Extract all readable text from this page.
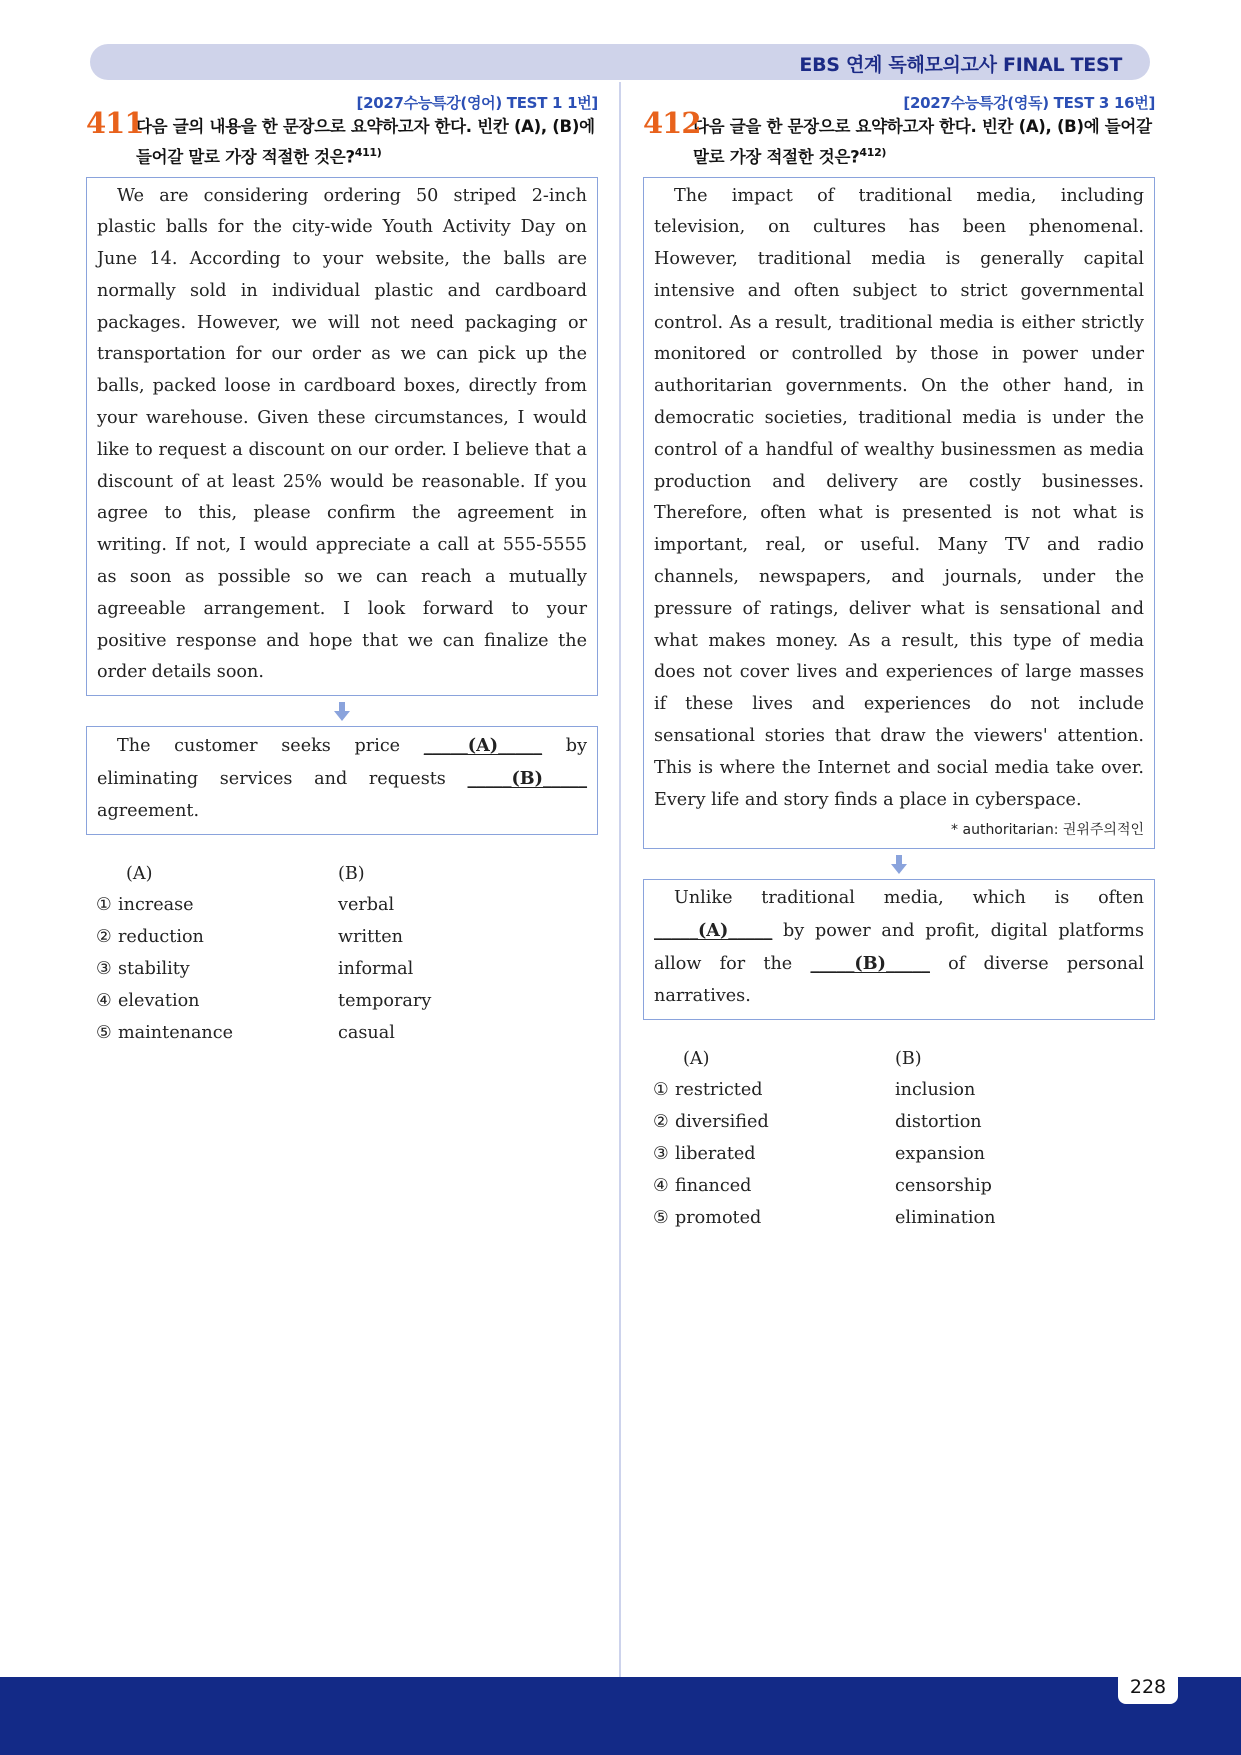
EBS 연계 독해모의고사 FINAL TEST
[2027수능특강(영어) TEST 1 1번]
411
다음 글의 내용을 한 문장으로 요약하고자 한다. 빈칸 (A), (B)에 들어갈 말로 가장 적절한 것은?$^{411)}$
We are considering ordering 50 striped 2-inch plastic balls for the city-wide Youth Activity Day on June 14. According to your website, the balls are normally sold in individual plastic and cardboard packages. However, we will not need packaging or transportation for our order as we can pick up the balls, packed loose in cardboard boxes, directly from your warehouse. Given these circumstances, I would like to request a discount on our order. I believe that a discount of at least 25% would be reasonable. If you agree to this, please confirm the agreement in writing. If not, I would appreciate a call at 555-5555 as soon as possible so we can reach a mutually agreeable arrangement. I look forward to your positive response and hope that we can finalize the order details soon.
The customer seeks price _____(A)_____ by eliminating services and requests _____(B)_____ agreement.
(A)	(B)
① increase	verbal
② reduction	written
③ stability	informal
④ elevation	temporary
⑤ maintenance	casual
[2027수능특강(영독) TEST 3 16번]
412
다음 글을 한 문장으로 요약하고자 한다. 빈칸 (A), (B)에 들어갈 말로 가장 적절한 것은?$^{412)}$
The impact of traditional media, including television, on cultures has been phenomenal. However, traditional media is generally capital intensive and often subject to strict governmental control. As a result, traditional media is either strictly monitored or controlled by those in power under authoritarian governments. On the other hand, in democratic societies, traditional media is under the control of a handful of wealthy businessmen as media production and delivery are costly businesses. Therefore, often what is presented is not what is important, real, or useful. Many TV and radio channels, newspapers, and journals, under the pressure of ratings, deliver what is sensational and what makes money. As a result, this type of media does not cover lives and experiences of large masses if these lives and experiences do not include sensational stories that draw the viewers' attention. This is where the Internet and social media take over. Every life and story finds a place in cyberspace.
* authoritarian: 권위주의적인
Unlike traditional media, which is often _____(A)_____ by power and profit, digital platforms allow for the _____(B)_____ of diverse personal narratives.
(A)	(B)
① restricted	inclusion
② diversified	distortion
③ liberated	expansion
④ financed	censorship
⑤ promoted	elimination
228
